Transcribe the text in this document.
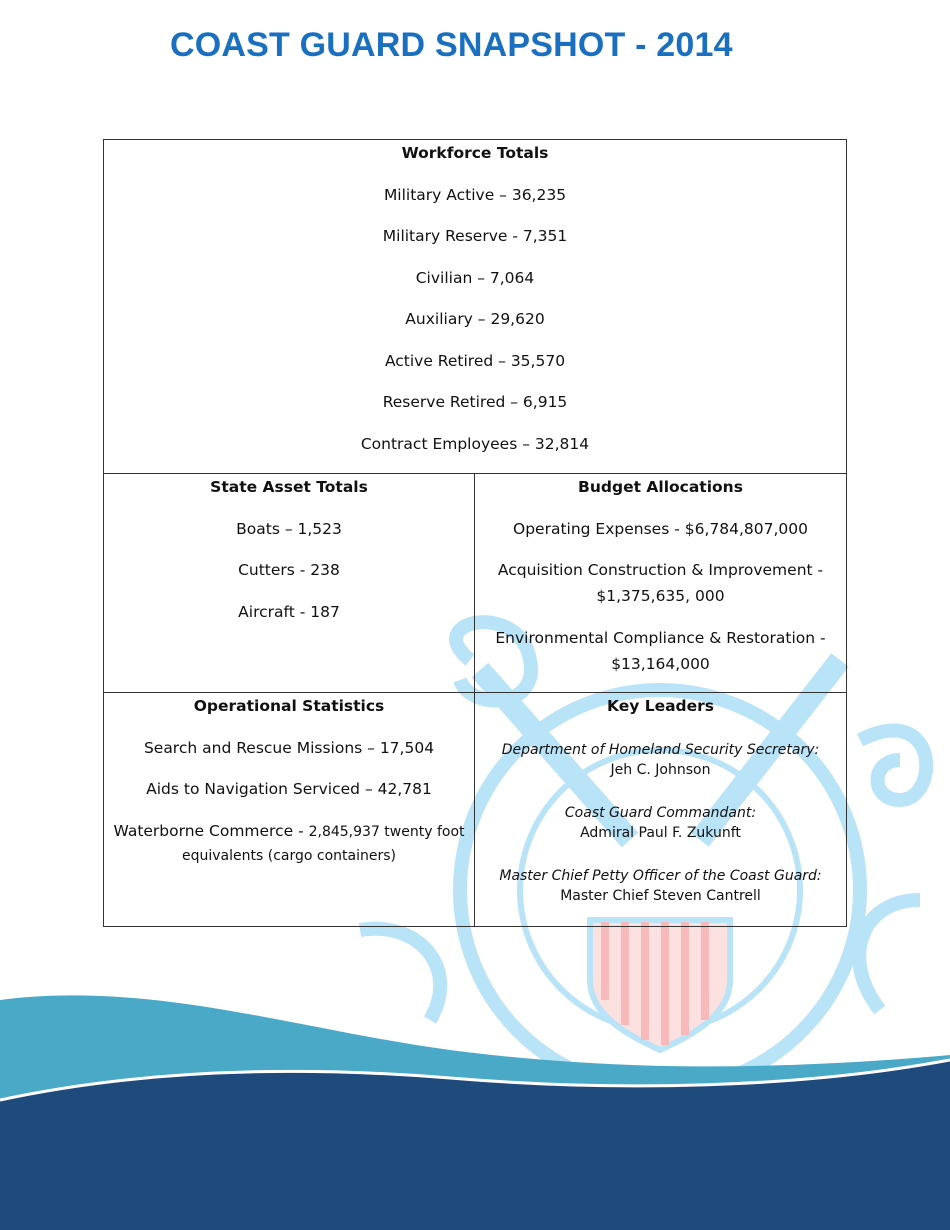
COAST GUARD SNAPSHOT - 2014
Workforce Totals
Military Active – 36,235
Military Reserve - 7,351
Civilian – 7,064
Auxiliary – 29,620
Active Retired – 35,570
Reserve Retired – 6,915
Contract Employees – 32,814
State Asset Totals
Boats – 1,523
Cutters - 238
Aircraft - 187
Budget Allocations
Operating Expenses - $6,784,807,000
Acquisition Construction & Improvement -
$1,375,635, 000
Environmental Compliance & Restoration -
$13,164,000
Operational Statistics
Search and Rescue Missions – 17,504
Aids to Navigation Serviced – 42,781
Waterborne Commerce - 2,845,937 twenty foot
equivalents (cargo containers)
Key Leaders
Department of Homeland Security Secretary:
Jeh C. Johnson
Coast Guard Commandant:
Admiral Paul F. Zukunft
Master Chief Petty Officer of the Coast Guard:
Master Chief Steven Cantrell
